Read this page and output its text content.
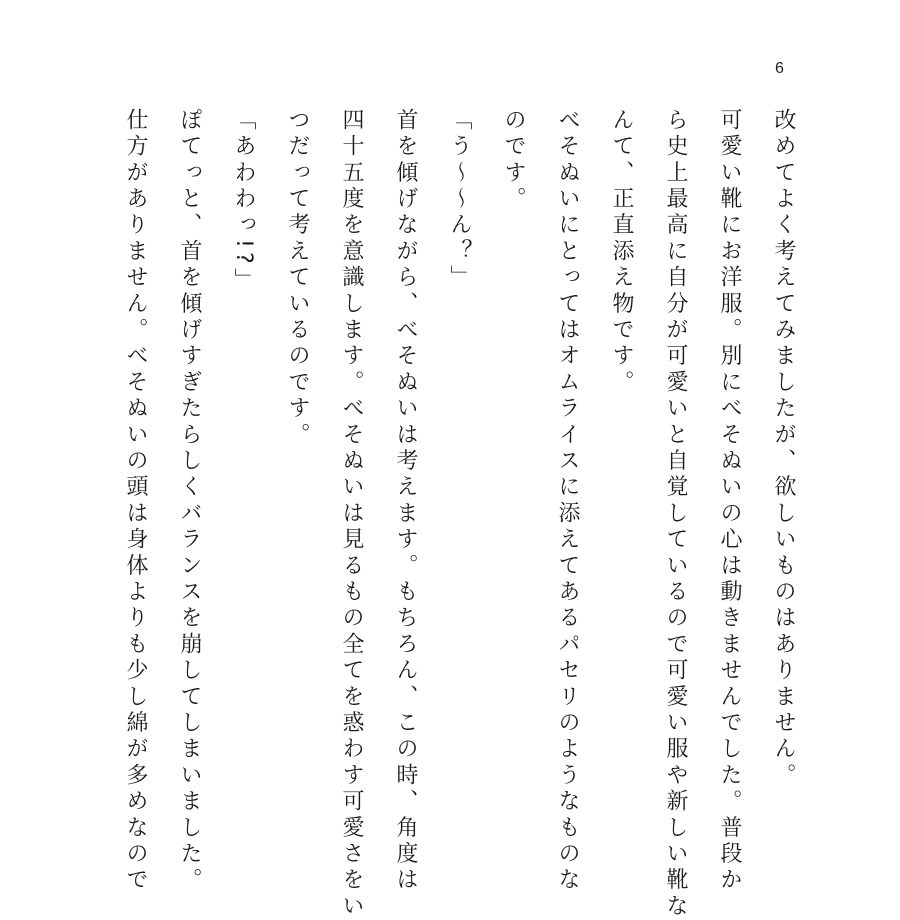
6
改めてよく考えてみましたが、欲しいものはありません。
可愛い靴にお洋服。別にべそぬいの心は動きませんでした。普段か
ら史上最高に自分が可愛いと自覚しているので可愛い服や新しい靴な
んて、正直添え物です。
べそぬいにとってはオムライスに添えてあるパセリのようなものな
のです。
「う〜〜ん？」
首を傾げながら、べそぬいは考えます。もちろん、この時、角度は
四十五度を意識します。べそぬいは見るもの全てを惑わす可愛さをい
つだって考えているのです。
「あわわっ!?」
ぽてっと、首を傾げすぎたらしくバランスを崩してしまいました。
仕方がありません。べそぬいの頭は身体よりも少し綿が多めなので
